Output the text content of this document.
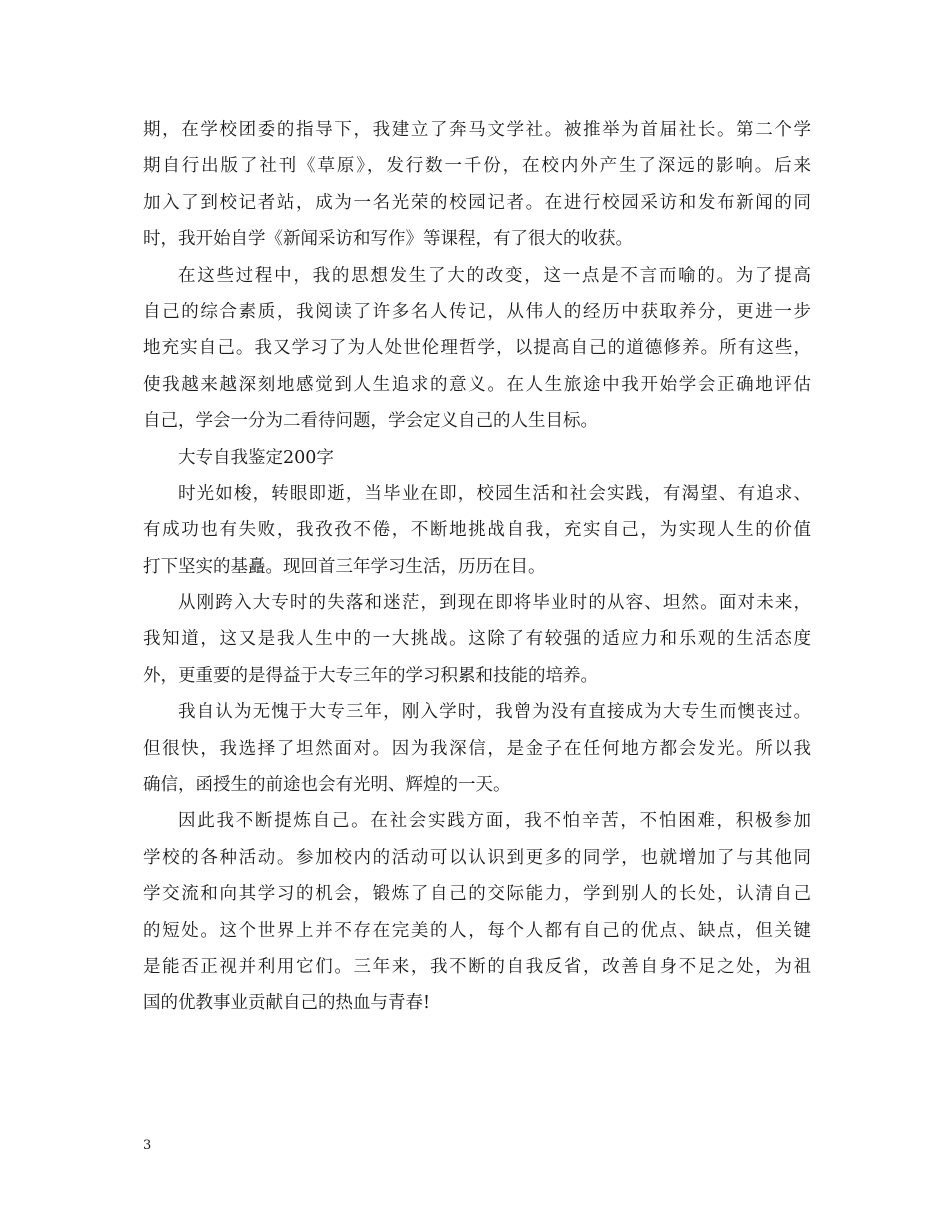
期，在学校团委的指导下，我建立了奔马文学社。被推举为首届社长。第二个学
期自行出版了社刊《草原》，发行数一千份，在校内外产生了深远的影响。后来
加入了到校记者站，成为一名光荣的校园记者。在进行校园采访和发布新闻的同
时，我开始自学《新闻采访和写作》等课程，有了很大的收获。
在这些过程中，我的思想发生了大的改变，这一点是不言而喻的。为了提高
自己的综合素质，我阅读了许多名人传记，从伟人的经历中获取养分，更进一步
地充实自己。我又学习了为人处世伦理哲学，以提高自己的道德修养。所有这些，
使我越来越深刻地感觉到人生追求的意义。在人生旅途中我开始学会正确地评估
自己，学会一分为二看待问题，学会定义自己的人生目标。
大专自我鉴定200字
时光如梭，转眼即逝，当毕业在即，校园生活和社会实践，有渴望、有追求、
有成功也有失败，我孜孜不倦，不断地挑战自我，充实自己，为实现人生的价值
打下坚实的基矗。现回首三年学习生活，历历在目。
从刚跨入大专时的失落和迷茫，到现在即将毕业时的从容、坦然。面对未来，
我知道，这又是我人生中的一大挑战。这除了有较强的适应力和乐观的生活态度
外，更重要的是得益于大专三年的学习积累和技能的培养。
我自认为无愧于大专三年，刚入学时，我曾为没有直接成为大专生而懊丧过。
但很快，我选择了坦然面对。因为我深信，是金子在任何地方都会发光。所以我
确信，函授生的前途也会有光明、辉煌的一天。
因此我不断提炼自己。在社会实践方面，我不怕辛苦，不怕困难，积极参加
学校的各种活动。参加校内的活动可以认识到更多的同学，也就增加了与其他同
学交流和向其学习的机会，锻炼了自己的交际能力，学到别人的长处，认清自己
的短处。这个世界上并不存在完美的人，每个人都有自己的优点、缺点，但关键
是能否正视并利用它们。三年来，我不断的自我反省，改善自身不足之处，为祖
国的优教事业贡献自己的热血与青春!
3
